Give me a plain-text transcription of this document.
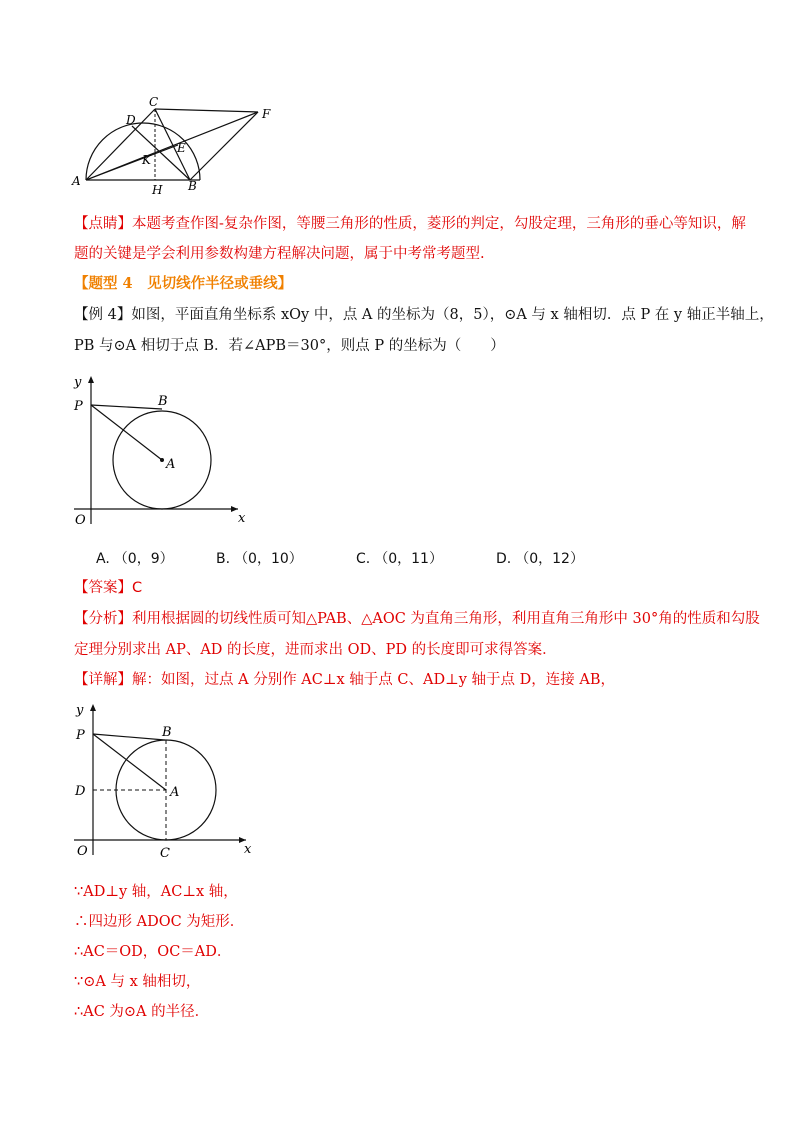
C
F
D
E
K
A
H B
【点睛】本题考查作图-复杂作图，等腰三角形的性质，菱形的判定，勾股定理，三角形的垂心等知识，解
题的关键是学会利用参数构建方程解决问题，属于中考常考题型.
【题型 4　见切线作半径或垂线】
【例 4】如图，平面直角坐标系 xOy 中，点 A 的坐标为（8，5），⊙A 与 x 轴相切．点 P 在 y 轴正半轴上，
PB 与⊙A 相切于点 B．若∠APB＝30°，则点 P 的坐标为（　　）
y
P	B
A
O	x
A. （0，9）	B. （0，10）	C. （0，11）	D. （0，12）
【答案】C
【分析】利用根据圆的切线性质可知△PAB、△AOC 为直角三角形，利用直角三角形中 30°角的性质和勾股
定理分别求出 AP、AD 的长度，进而求出 OD、PD 的长度即可求得答案．
【详解】解：如图，过点 A 分别作 AC⊥x 轴于点 C、AD⊥y 轴于点 D，连接 AB，
y
P	B
D	A
O	C	x
∵AD⊥y 轴，AC⊥x 轴，
∴四边形 ADOC 为矩形．
∴AC＝OD，OC＝AD．
∵⊙A 与 x 轴相切，
∴AC 为⊙A 的半径．
